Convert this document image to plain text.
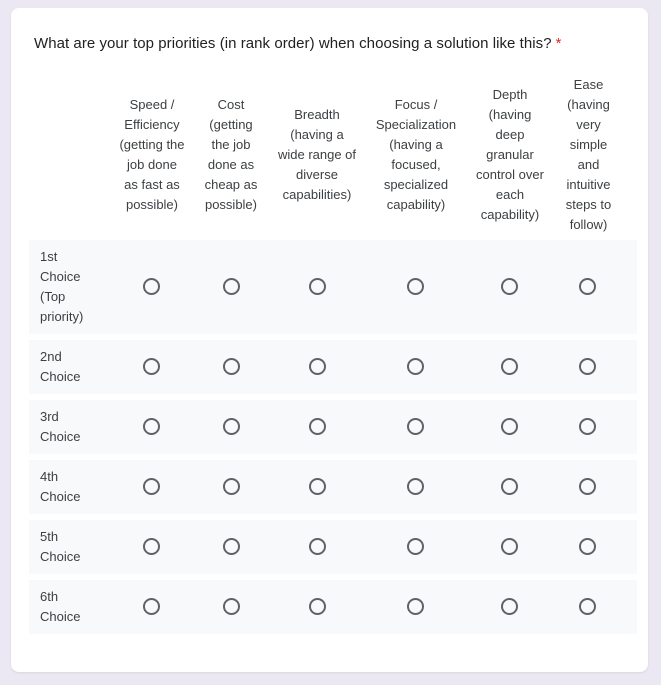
What are your top priorities (in rank order) when choosing a solution like this? *
Speed /
Efficiency
(getting the
job done
as fast as
possible)
Cost
(getting
the job
done as
cheap as
possible)
Breadth
(having a
wide range of
diverse
capabilities)
Focus /
Specialization
(having a
focused,
specialized
capability)
Depth
(having
deep
granular
control over
each
capability)
Ease
(having
very
simple
and
intuitive
steps to
follow)
1st
Choice
(Top
priority)
2nd
Choice
3rd
Choice
4th
Choice
5th
Choice
6th
Choice
